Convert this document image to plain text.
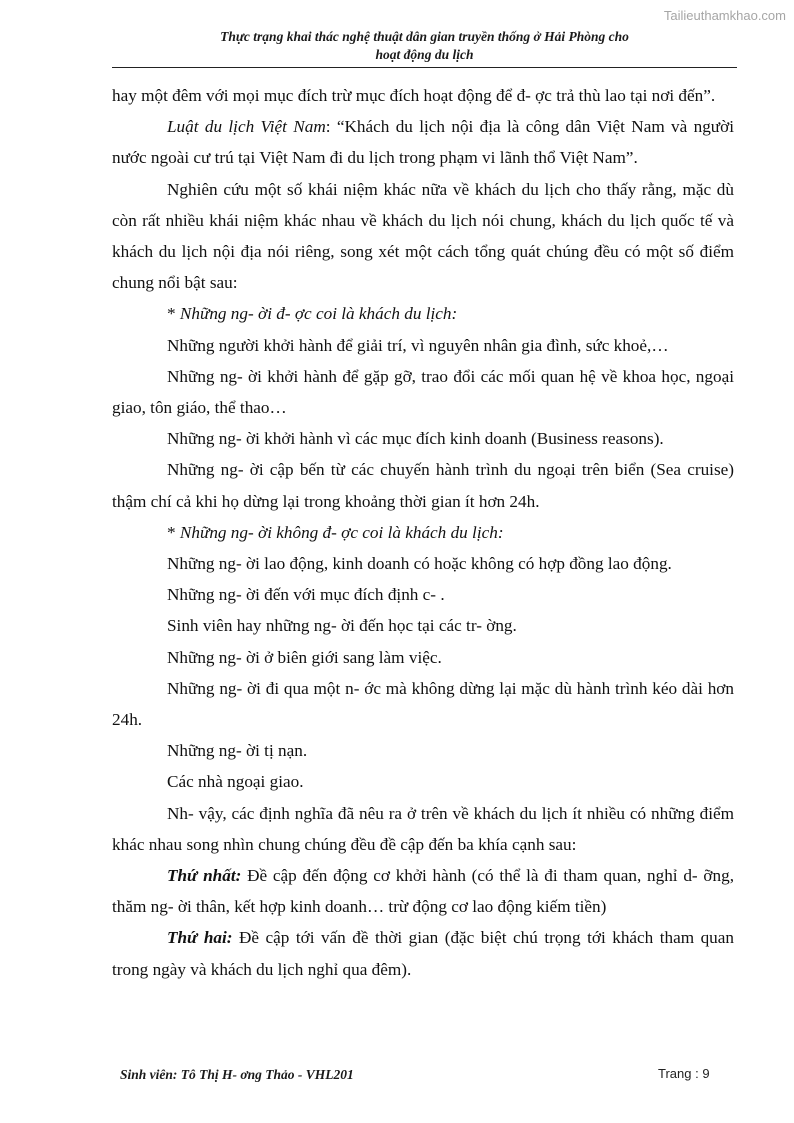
Tailieuthamkhao.com
Thực trạng khai thác nghệ thuật dân gian truyền thống ở Hải Phòng cho
hoạt động du lịch

hay một đêm với mọi mục đích trừ mục đích hoạt động để đ- ợc trả thù lao tại nơi đến”.

Luật du lịch Việt Nam: “Khách du lịch nội địa là công dân Việt Nam và người nước ngoài cư trú tại Việt Nam đi du lịch trong phạm vi lãnh thổ Việt Nam”.

Nghiên cứu một số khái niệm khác nữa về khách du lịch cho thấy rằng, mặc dù còn rất nhiều khái niệm khác nhau về khách du lịch nói chung, khách du lịch quốc tế và khách du lịch nội địa nói riêng, song xét một cách tổng quát chúng đều có một số điểm chung nổi bật sau:

* Những ng- ời đ- ợc coi là khách du lịch:

Những người khởi hành để giải trí, vì nguyên nhân gia đình, sức khoẻ,…

Những ng- ời khởi hành để gặp gỡ, trao đổi các mối quan hệ về khoa học, ngoại giao, tôn giáo, thể thao…

Những ng- ời khởi hành vì các mục đích kinh doanh (Business reasons).

Những ng- ời cập bến từ các chuyến hành trình du ngoại trên biển (Sea cruise) thậm chí cả khi họ dừng lại trong khoảng thời gian ít hơn 24h.

* Những ng- ời không đ- ợc coi là khách du lịch:

Những ng- ời lao động, kinh doanh có hoặc không có hợp đồng lao động.

Những ng- ời đến với mục đích định c- .

Sinh viên hay những ng- ời đến học tại các tr- ờng.

Những ng- ời ở biên giới sang làm việc.

Những ng- ời đi qua một n- ớc mà không dừng lại mặc dù hành trình kéo dài hơn 24h.

Những ng- ời tị nạn.

Các nhà ngoại giao.

Nh- vậy, các định nghĩa đã nêu ra ở trên về khách du lịch ít nhiều có những điểm khác nhau song nhìn chung chúng đều đề cập đến ba khía cạnh sau:

Thứ nhất: Đề cập đến động cơ khởi hành (có thể là đi tham quan, nghỉ d- ỡng, thăm ng- ời thân, kết hợp kinh doanh… trừ động cơ lao động kiếm tiền)

Thứ hai: Đề cập tới vấn đề thời gian (đặc biệt chú trọng tới khách tham quan trong ngày và khách du lịch nghỉ qua đêm).

Sinh viên: Tô Thị H- ơng Thảo - VHL201	Trang : 9
